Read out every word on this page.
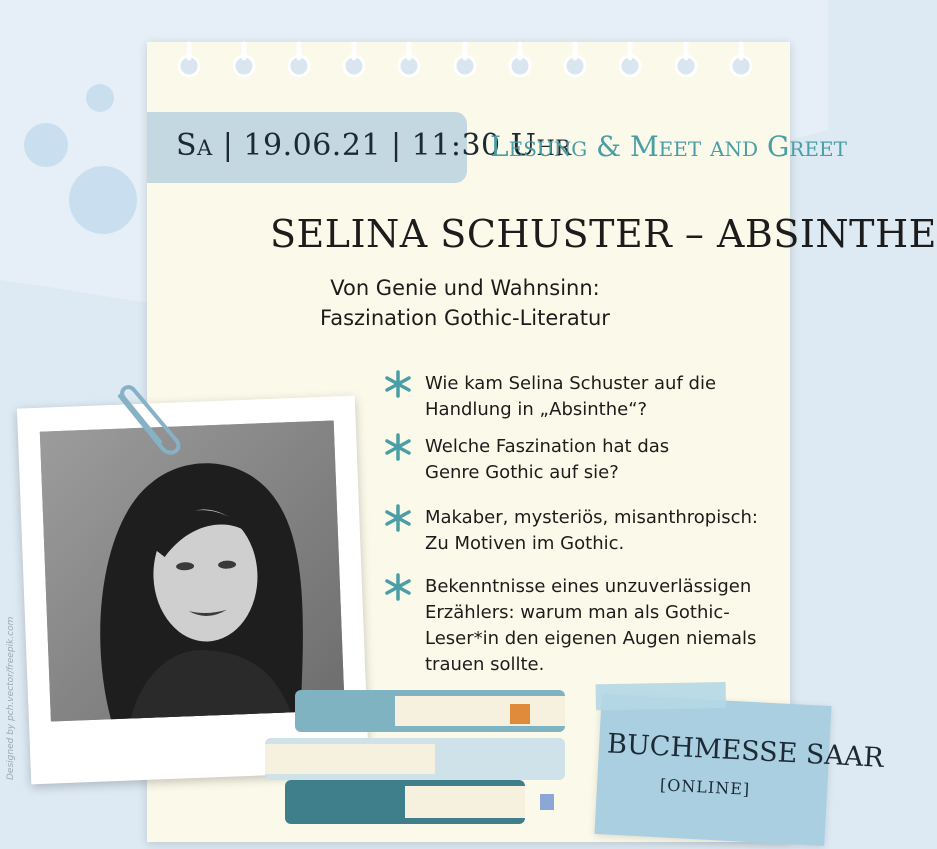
Sa | 19.06.21 | 11:30 Uhr
Lesung & Meet and Greet
SELINA SCHUSTER – ABSINTHE
Von Genie und Wahnsinn:
Faszination Gothic-Literatur
Wie kam Selina Schuster auf die
Handlung in „Absinthe“?
Welche Faszination hat das
Genre Gothic auf sie?
Makaber, mysteriös, misanthropisch:
Zu Motiven im Gothic.
Bekenntnisse eines unzuverlässigen
Erzählers: warum man als Gothic-
Leser*in den eigenen Augen niemals
trauen sollte.
BUCHMESSE SAAR
[ONLINE]
Designed by pch.vector/freepik.com
